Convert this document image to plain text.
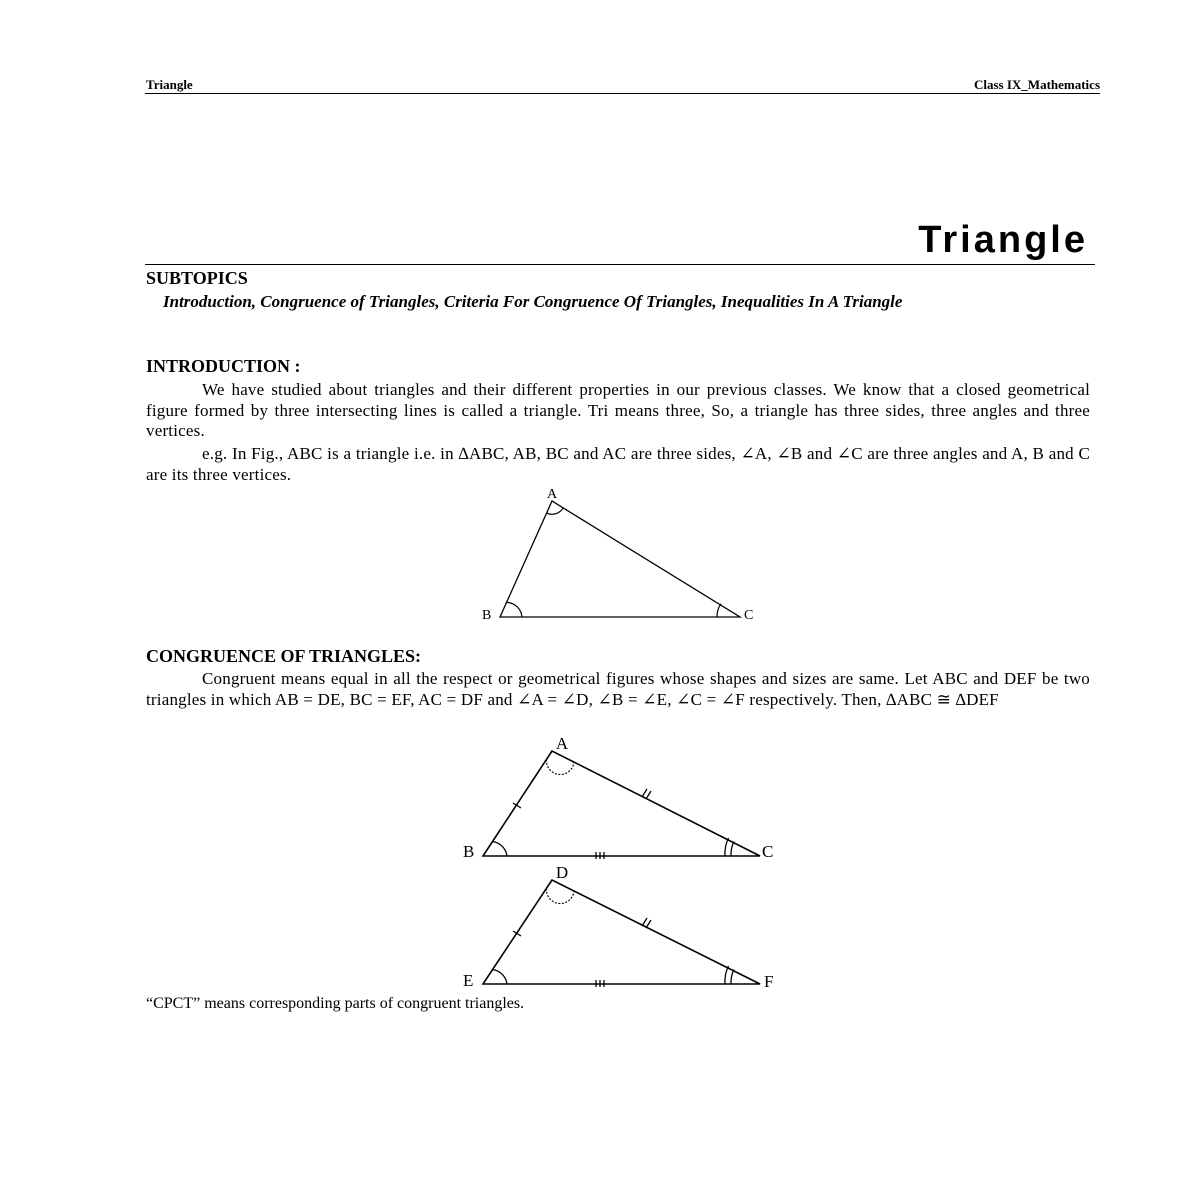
Triangle	Class IX_Mathematics
Triangle
SUBTOPICS
Introduction, Congruence of Triangles, Criteria For Congruence Of Triangles, Inequalities In A Triangle
INTRODUCTION :
We have studied about triangles and their different properties in our previous classes. We know that a closed geometrical figure formed by three intersecting lines is called a triangle. Tri means three, So, a triangle has three sides, three angles and three vertices.
e.g. In Fig., ABC is a triangle i.e. in ∆ABC, AB, BC and AC are three sides, ∠A, ∠B and ∠C are three angles and A, B and C are its three vertices.
A
B	C
CONGRUENCE OF TRIANGLES:
Congruent means equal in all the respect or geometrical figures whose shapes and sizes are same. Let ABC and DEF be two triangles in which AB = DE, BC = EF, AC = DF and ∠A = ∠D, ∠B = ∠E, ∠C = ∠F respectively. Then, ∆ABC ≅ ∆DEF
A
B	C
D
E	F
“CPCT” means corresponding parts of congruent triangles.
